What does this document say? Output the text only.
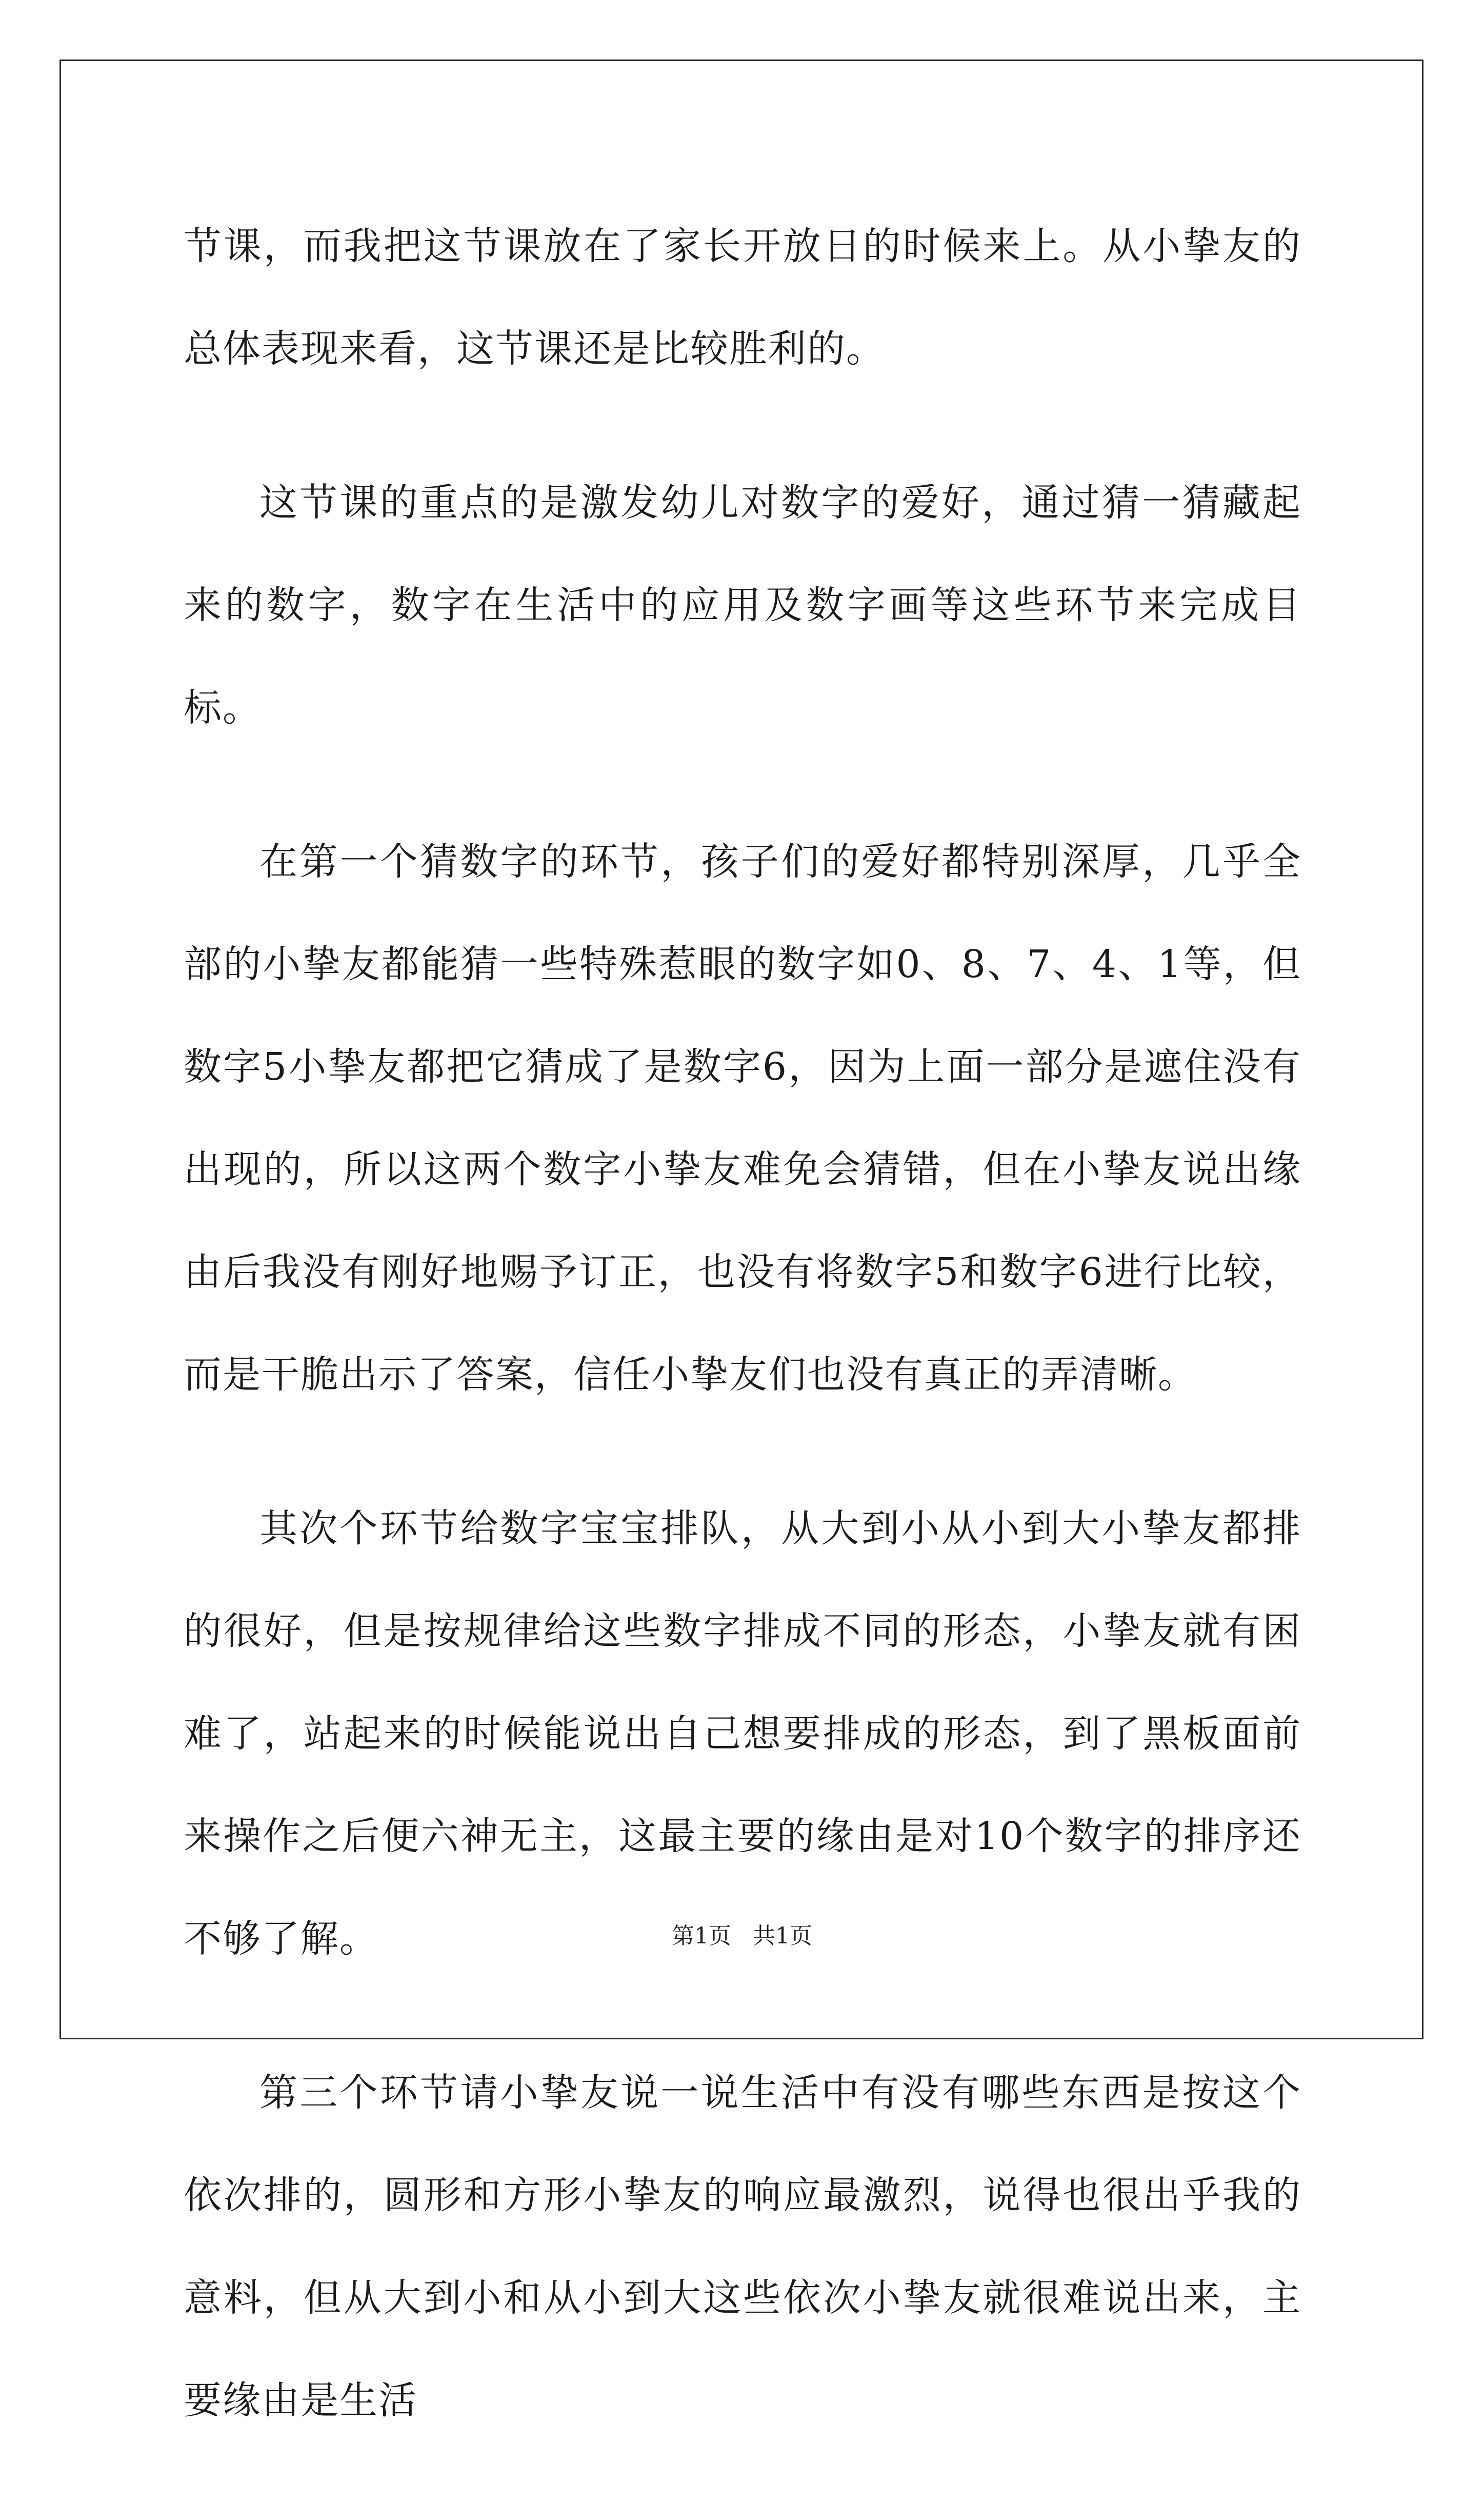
节课，而我把这节课放在了家长开放日的时候来上。从小挚友的总体表现来看，这节课还是比较胜利的。

这节课的重点的是激发幼儿对数字的爱好，通过猜一猜藏起来的数字，数字在生活中的应用及数字画等这些环节来完成目标。

在第一个猜数字的环节，孩子们的爱好都特别深厚，几乎全部的小挚友都能猜一些特殊惹眼的数字如0、8、7、4、1等，但数字5小挚友都把它猜成了是数字6，因为上面一部分是遮住没有出现的，所以这两个数字小挚友难免会猜错，但在小挚友说出缘由后我没有刚好地赐予订正，也没有将数字5和数字6进行比较，而是干脆出示了答案，信任小挚友们也没有真正的弄清晰。

其次个环节给数字宝宝排队，从大到小从小到大小挚友都排的很好，但是按规律给这些数字排成不同的形态，小挚友就有困难了，站起来的时候能说出自己想要排成的形态，到了黑板面前来操作之后便六神无主，这最主要的缘由是对10个数字的排序还不够了解。

第三个环节请小挚友说一说生活中有没有哪些东西是按这个依次排的，圆形和方形小挚友的响应最激烈，说得也很出乎我的意料，但从大到小和从小到大这些依次小挚友就很难说出来，主要缘由是生活

第1页 共1页
